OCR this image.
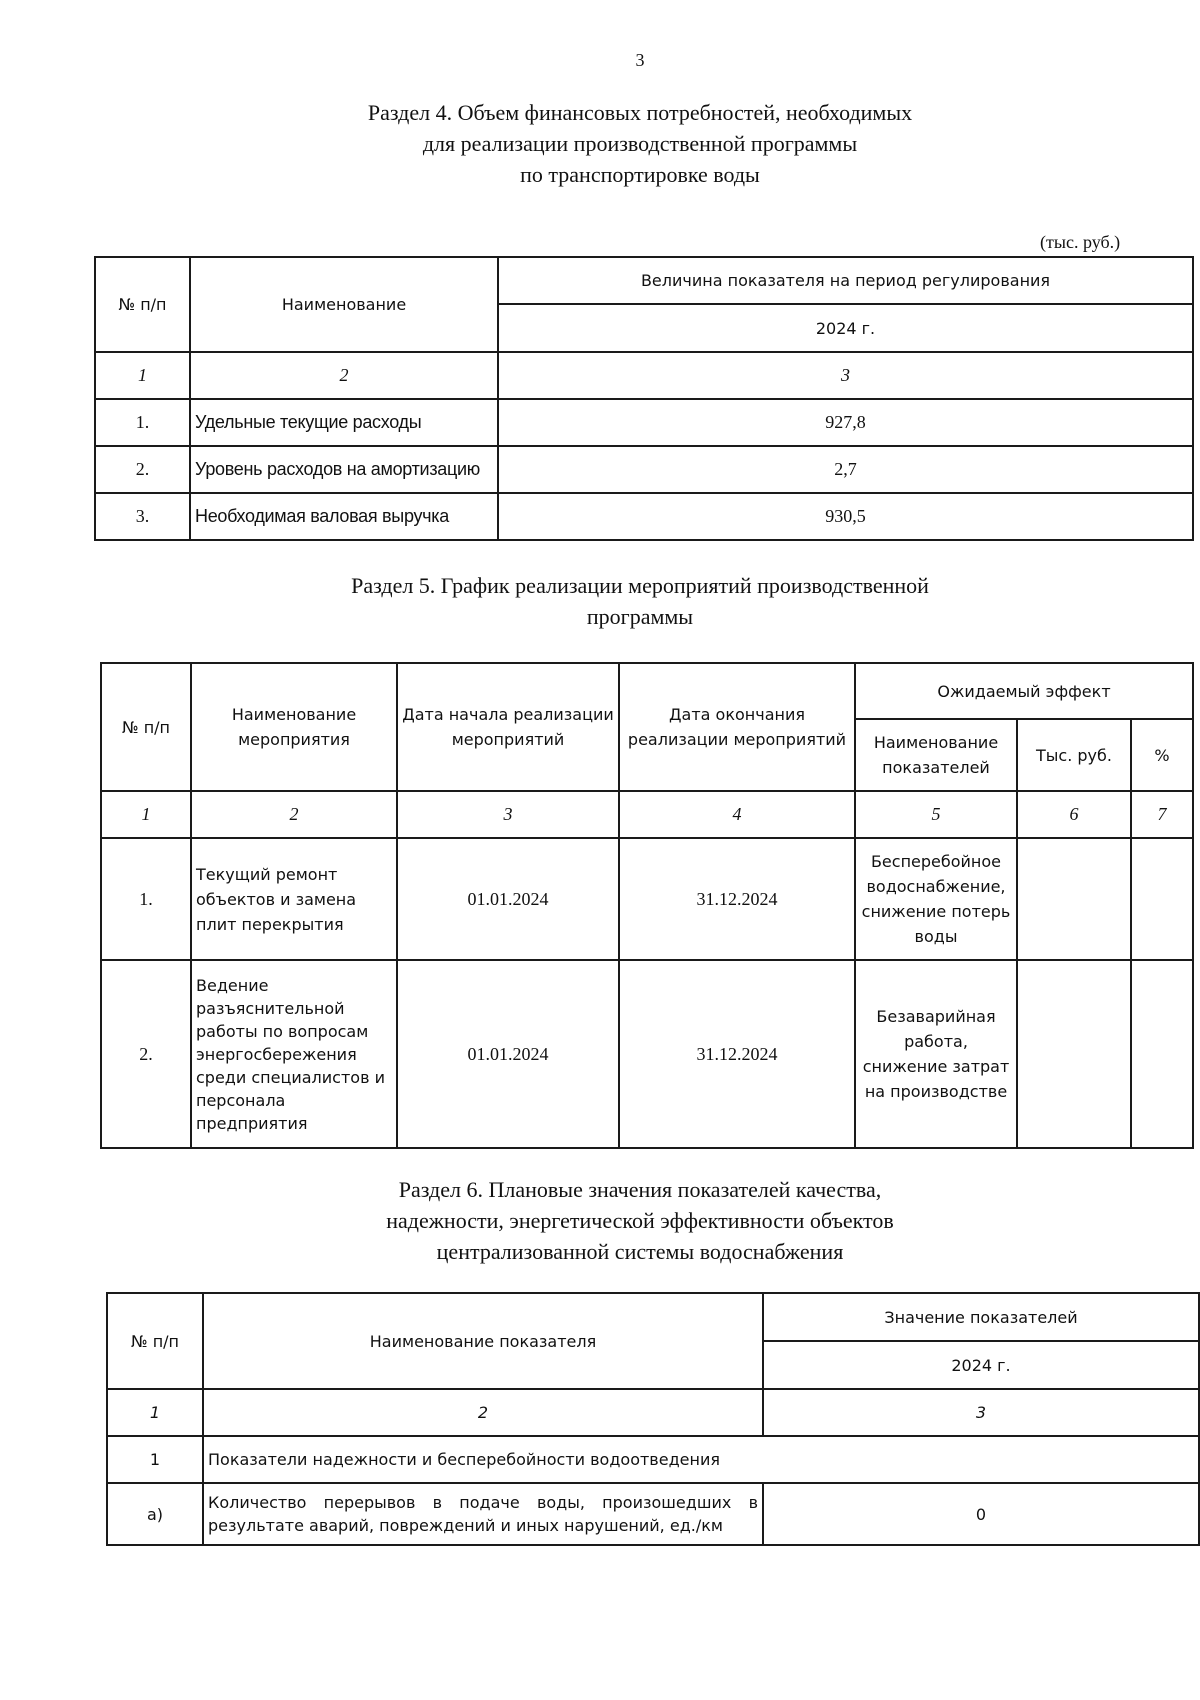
3
Раздел 4. Объем финансовых потребностей, необходимых
для реализации производственной программы
по транспортировке воды
(тыс. руб.)
№ п/п	Наименование	Величина показателя на период регулирования
		2024 г.
1	2	3
1.	Удельные текущие расходы	927,8
2.	Уровень расходов на амортизацию	2,7
3.	Необходимая валовая выручка	930,5
Раздел 5. График реализации мероприятий производственной
программы
№ п/п	Наименование мероприятия	Дата начала реализации мероприятий	Дата окончания реализации мероприятий	Ожидаемый эффект		
				Наименование показателей	Тыс. руб.	%
1	2	3	4	5	6	7
1.	Текущий ремонт объектов и замена плит перекрытия	01.01.2024	31.12.2024	Бесперебойное водоснабжение, снижение потерь воды		
2.	Ведение разъяснительной работы по вопросам энергосбережения среди специалистов и персонала предприятия	01.01.2024	31.12.2024	Безаварийная работа, снижение затрат на производстве		
Раздел 6. Плановые значения показателей качества,
надежности, энергетической эффективности объектов
централизованной системы водоснабжения
№ п/п	Наименование показателя	Значение показателей
		2024 г.
1	2	3
1	Показатели надежности и бесперебойности водоотведения	
а)	Количество перерывов в подаче воды, произошедших в результате аварий, повреждений и иных нарушений, ед./км	0
